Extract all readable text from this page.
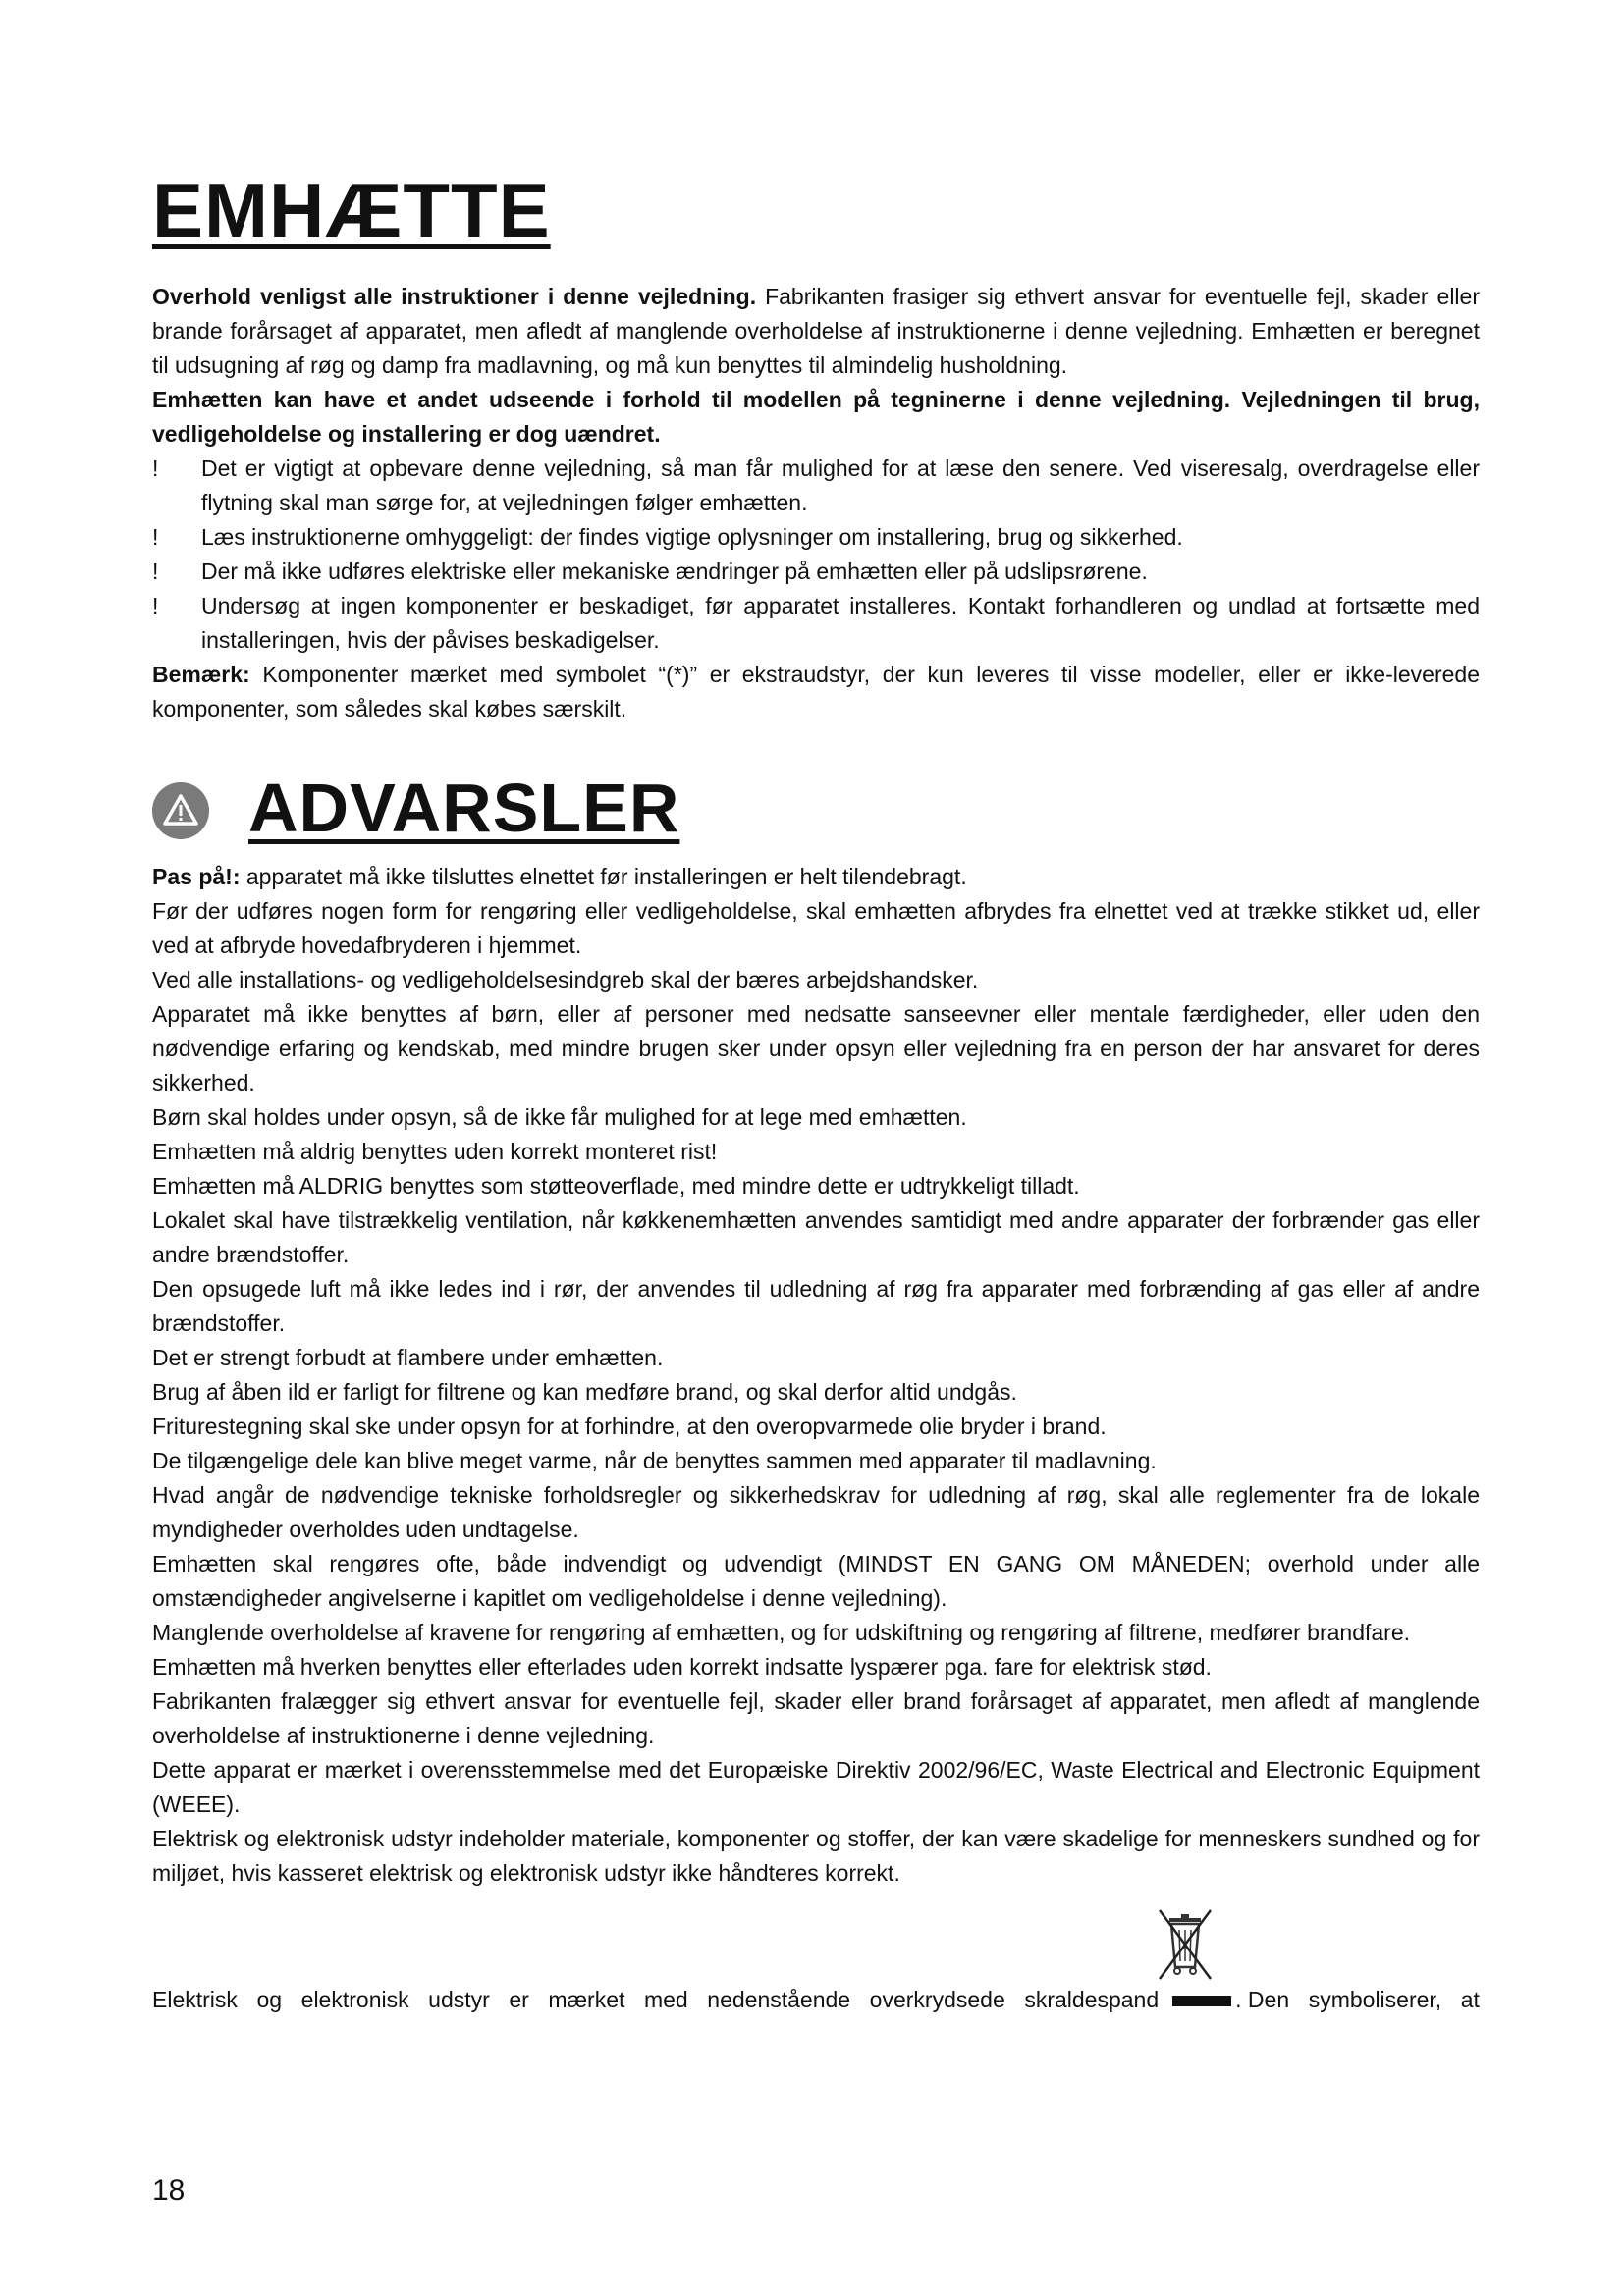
EMHÆTTE

Overhold venligst alle instruktioner i denne vejledning. Fabrikanten frasiger sig ethvert ansvar for eventuelle fejl, skader eller brande forårsaget af apparatet, men afledt af manglende overholdelse af instruktionerne i denne vejledning. Emhætten er beregnet til udsugning af røg og damp fra madlavning, og må kun benyttes til almindelig husholdning.

Emhætten kan have et andet udseende i forhold til modellen på tegninerne i denne vejledning. Vejledningen til brug, vedligeholdelse og installering er dog uændret.

! Det er vigtigt at opbevare denne vejledning, så man får mulighed for at læse den senere. Ved viseresalg, overdragelse eller flytning skal man sørge for, at vejledningen følger emhætten.
! Læs instruktionerne omhyggeligt: der findes vigtige oplysninger om installering, brug og sikkerhed.
! Der må ikke udføres elektriske eller mekaniske ændringer på emhætten eller på udslipsrørene.
! Undersøg at ingen komponenter er beskadiget, før apparatet installeres. Kontakt forhandleren og undlad at fortsætte med installeringen, hvis der påvises beskadigelser.

Bemærk: Komponenter mærket med symbolet “(*)” er ekstraudstyr, der kun leveres til visse modeller, eller er ikke-leverede komponenter, som således skal købes særskilt.

ADVARSLER

Pas på!: apparatet må ikke tilsluttes elnettet før installeringen er helt tilendebragt.

Før der udføres nogen form for rengøring eller vedligeholdelse, skal emhætten afbrydes fra elnettet ved at trække stikket ud, eller ved at afbryde hovedafbryderen i hjemmet.

Ved alle installations- og vedligeholdelsesindgreb skal der bæres arbejdshandsker.

Apparatet må ikke benyttes af børn, eller af personer med nedsatte sanseevner eller mentale færdigheder, eller uden den nødvendige erfaring og kendskab, med mindre brugen sker under opsyn eller vejledning fra en person der har ansvaret for deres sikkerhed.

Børn skal holdes under opsyn, så de ikke får mulighed for at lege med emhætten.

Emhætten må aldrig benyttes uden korrekt monteret rist!

Emhætten må ALDRIG benyttes som støtteoverflade, med mindre dette er udtrykkeligt tilladt.

Lokalet skal have tilstrækkelig ventilation, når køkkenemhætten anvendes samtidigt med andre apparater der forbrænder gas eller andre brændstoffer.

Den opsugede luft må ikke ledes ind i rør, der anvendes til udledning af røg fra apparater med forbrænding af gas eller af andre brændstoffer.

Det er strengt forbudt at flambere under emhætten.

Brug af åben ild er farligt for filtrene og kan medføre brand, og skal derfor altid undgås.

Friturestegning skal ske under opsyn for at forhindre, at den overopvarmede olie bryder i brand.

De tilgængelige dele kan blive meget varme, når de benyttes sammen med apparater til madlavning.

Hvad angår de nødvendige tekniske forholdsregler og sikkerhedskrav for udledning af røg, skal alle reglementer fra de lokale myndigheder overholdes uden undtagelse.

Emhætten skal rengøres ofte, både indvendigt og udvendigt (MINDST EN GANG OM MÅNEDEN; overhold under alle omstændigheder angivelserne i kapitlet om vedligeholdelse i denne vejledning).

Manglende overholdelse af kravene for rengøring af emhætten, og for udskiftning og rengøring af filtrene, medfører brandfare.

Emhætten må hverken benyttes eller efterlades uden korrekt indsatte lyspærer pga. fare for elektrisk stød.

Fabrikanten fralægger sig ethvert ansvar for eventuelle fejl, skader eller brand forårsaget af apparatet, men afledt af manglende overholdelse af instruktionerne i denne vejledning.

Dette apparat er mærket i overensstemmelse med det Europæiske Direktiv 2002/96/EC, Waste Electrical and Electronic Equipment (WEEE).

Elektrisk og elektronisk udstyr indeholder materiale, komponenter og stoffer, der kan være skadelige for menneskers sundhed og for miljøet, hvis kasseret elektrisk og elektronisk udstyr ikke håndteres korrekt.

Elektrisk og elektronisk udstyr er mærket med nedenstående overkrydsede skraldespand	. Den symboliserer, at
18
